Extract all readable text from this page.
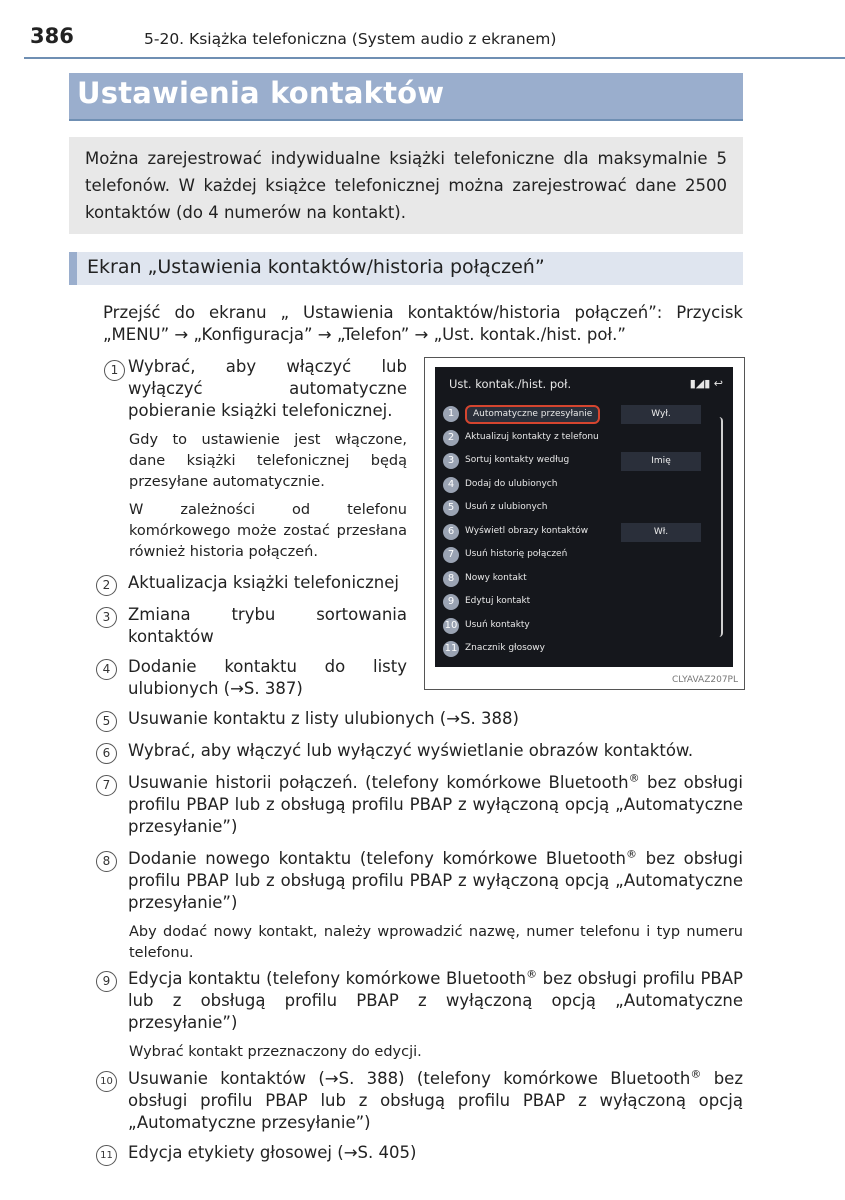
386	5-20. Książka telefoniczna (System audio z ekranem)
Ustawienia kontaktów

Można zarejestrować indywidualne książki telefoniczne dla maksymalnie 5 telefonów. W każdej książce telefonicznej można zarejestrować dane 2500 kontaktów (do 4 numerów na kontakt).

Ekran „Ustawienia kontaktów/historia połączeń”
Przejść do ekranu „ Ustawienia kontaktów/historia połączeń”: Przycisk „MENU” → „Konfiguracja” → „Telefon” → „Ust. kontak./hist. poł.”
Ust. kontak./hist. poł.	▮◢▮ ↩
1	Automatyczne przesyłanie	Wył.
2	Aktualizuj kontakty z telefonu
3	Sortuj kontakty według	Imię
4	Dodaj do ulubionych
5	Usuń z ulubionych
6	Wyświetl obrazy kontaktów	Wł.
7	Usuń historię połączeń
8	Nowy kontakt
9	Edytuj kontakt
10 Usuń kontakty
11 Znacznik głosowy
CLYAVAZ207PL
1 Wybrać, aby włączyć lub wyłączyć automatyczne pobieranie książki telefonicznej.
Gdy to ustawienie jest włączone, dane książki telefonicznej będą przesyłane automatycznie.
W zależności od telefonu komórkowego może zostać przesłana również historia połączeń.
2	Aktualizacja książki telefonicznej
3	Zmiana trybu sortowania kontaktów
4	Dodanie kontaktu do listy ulubionych (→S. 387)
5	Usuwanie kontaktu z listy ulubionych (→S. 388)
6	Wybrać, aby włączyć lub wyłączyć wyświetlanie obrazów kontaktów.
7	Usuwanie historii połączeń. (telefony komórkowe Bluetooth® bez obsługi profilu PBAP lub z obsługą profilu PBAP z wyłączoną opcją „Automatyczne przesyłanie”)
8	Dodanie nowego kontaktu (telefony komórkowe Bluetooth® bez obsługi profilu PBAP lub z obsługą profilu PBAP z wyłączoną opcją „Automatyczne przesyłanie”)
Aby dodać nowy kontakt, należy wprowadzić nazwę, numer telefonu i typ numeru telefonu.
9	Edycja kontaktu (telefony komórkowe Bluetooth® bez obsługi profilu PBAP lub z obsługą profilu PBAP z wyłączoną opcją „Automatyczne przesyłanie”)
Wybrać kontakt przeznaczony do edycji.
10 Usuwanie kontaktów (→S. 388) (telefony komórkowe Bluetooth® bez obsługi profilu PBAP lub z obsługą profilu PBAP z wyłączoną opcją „Automatyczne przesyłanie”)
11 Edycja etykiety głosowej (→S. 405)
